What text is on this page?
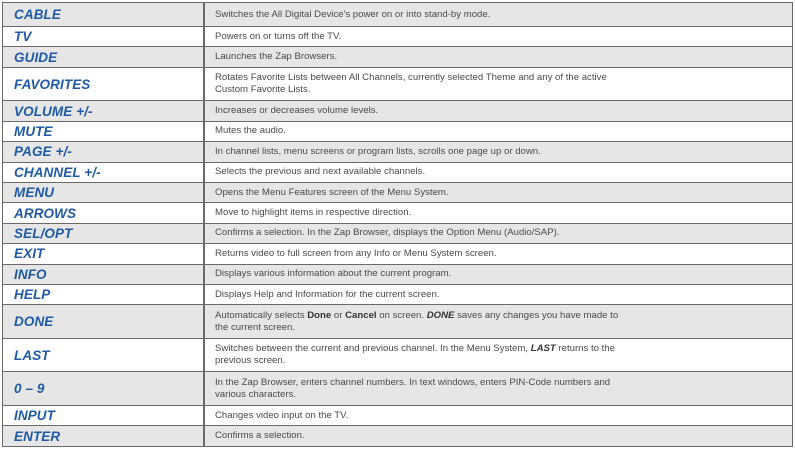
CABLE	Switches the All Digital Device's power on or into stand-by mode.

TV	Powers on or turns off the TV.

GUIDE	Launches the Zap Browsers.

FAVORITES	Rotates Favorite Lists between All Channels, currently selected Theme and any of the active
Custom Favorite Lists.

VOLUME +/-	Increases or decreases volume levels.

MUTE	Mutes the audio.

PAGE +/-	In channel lists, menu screens or program lists, scrolls one page up or down.

CHANNEL +/-	Selects the previous and next available channels.

MENU	Opens the Menu Features screen of the Menu System.

ARROWS	Move to highlight items in respective direction.

SEL/OPT	Confirms a selection. In the Zap Browser, displays the Option Menu (Audio/SAP).

EXIT	Returns video to full screen from any Info or Menu System screen.

INFO	Displays various information about the current program.

HELP	Displays Help and Information for the current screen.

DONE	Automatically selects Done or Cancel on screen. DONE saves any changes you have made to
the current screen.

LAST	Switches between the current and previous channel. In the Menu System, LAST returns to the
previous screen.

0 – 9	In the Zap Browser, enters channel numbers. In text windows, enters PIN-Code numbers and
various characters.

INPUT	Changes video input on the TV.

ENTER	Confirms a selection.
